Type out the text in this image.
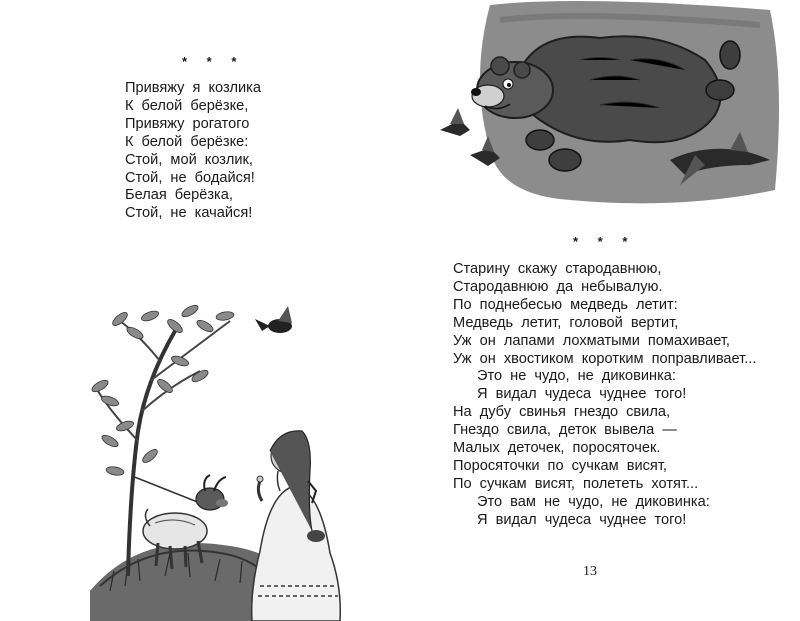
* * *
Привяжу я козлика
К белой берёзке,
Привяжу рогатого
К белой берёзке:
Стой, мой козлик,
Стой, не бодайся!
Белая берёзка,
Стой, не качайся!
* * *
Старину скажу стародавнюю,
Стародавнюю да небывалую.
По поднебесью медведь летит:
Медведь летит, головой вертит,
Уж он лапами лохматыми помахивает,
Уж он хвостиком коротким поправливает...
Это не чудо, не диковинка:
Я видал чудеса чуднее того!
На дубу свинья гнездо свила,
Гнездо свила, деток вывела —
Малых деточек, поросяточек.
Поросяточки по сучкам висят,
По сучкам висят, полететь хотят...
Это вам не чудо, не диковинка:
Я видал чудеса чуднее того!
13
